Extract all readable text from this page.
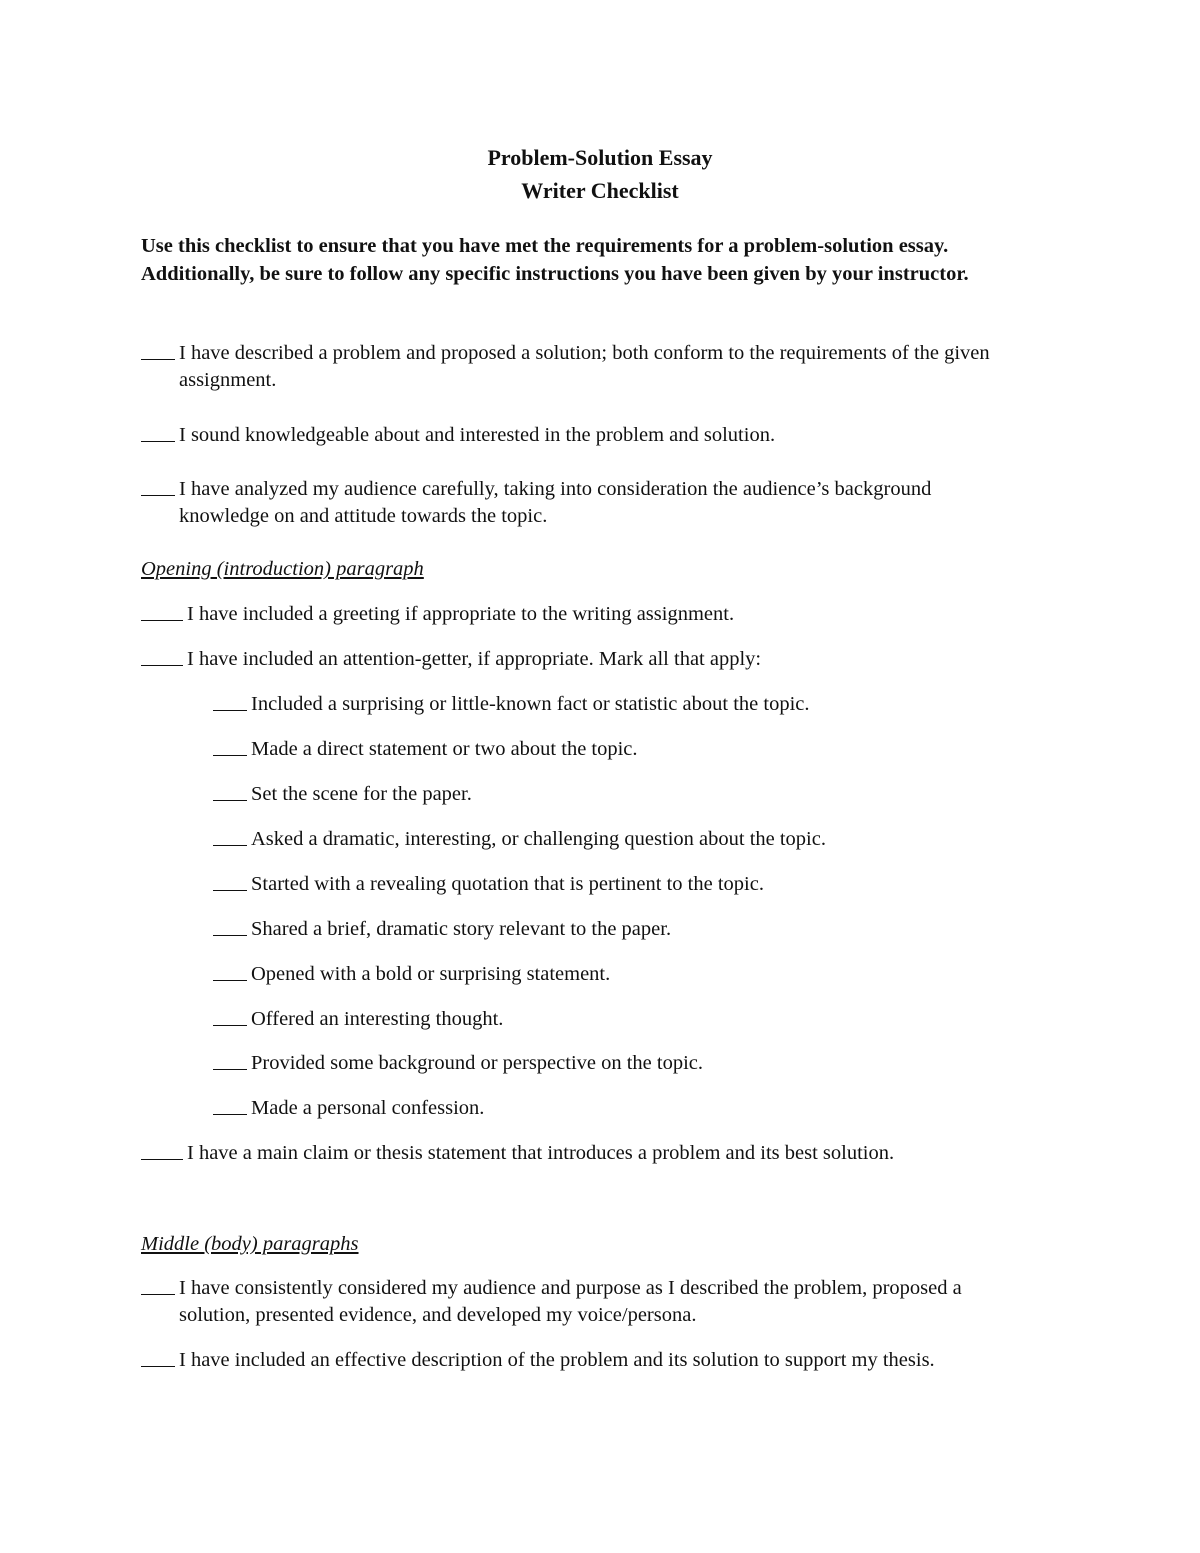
Problem-Solution Essay
Writer Checklist
Use this checklist to ensure that you have met the requirements for a problem-solution essay. Additionally, be sure to follow any specific instructions you have been given by your instructor.
I have described a problem and proposed a solution; both conform to the requirements of the given assignment.
I sound knowledgeable about and interested in the problem and solution.
I have analyzed my audience carefully, taking into consideration the audience’s background knowledge on and attitude towards the topic.
Opening (introduction) paragraph
I have included a greeting if appropriate to the writing assignment.
I have included an attention-getter, if appropriate. Mark all that apply:
Included a surprising or little-known fact or statistic about the topic.
Made a direct statement or two about the topic.
Set the scene for the paper.
Asked a dramatic, interesting, or challenging question about the topic.
Started with a revealing quotation that is pertinent to the topic.
Shared a brief, dramatic story relevant to the paper.
Opened with a bold or surprising statement.
Offered an interesting thought.
Provided some background or perspective on the topic.
Made a personal confession.
I have a main claim or thesis statement that introduces a problem and its best solution.
Middle (body) paragraphs
I have consistently considered my audience and purpose as I described the problem, proposed a solution, presented evidence, and developed my voice/persona.
I have included an effective description of the problem and its solution to support my thesis.
